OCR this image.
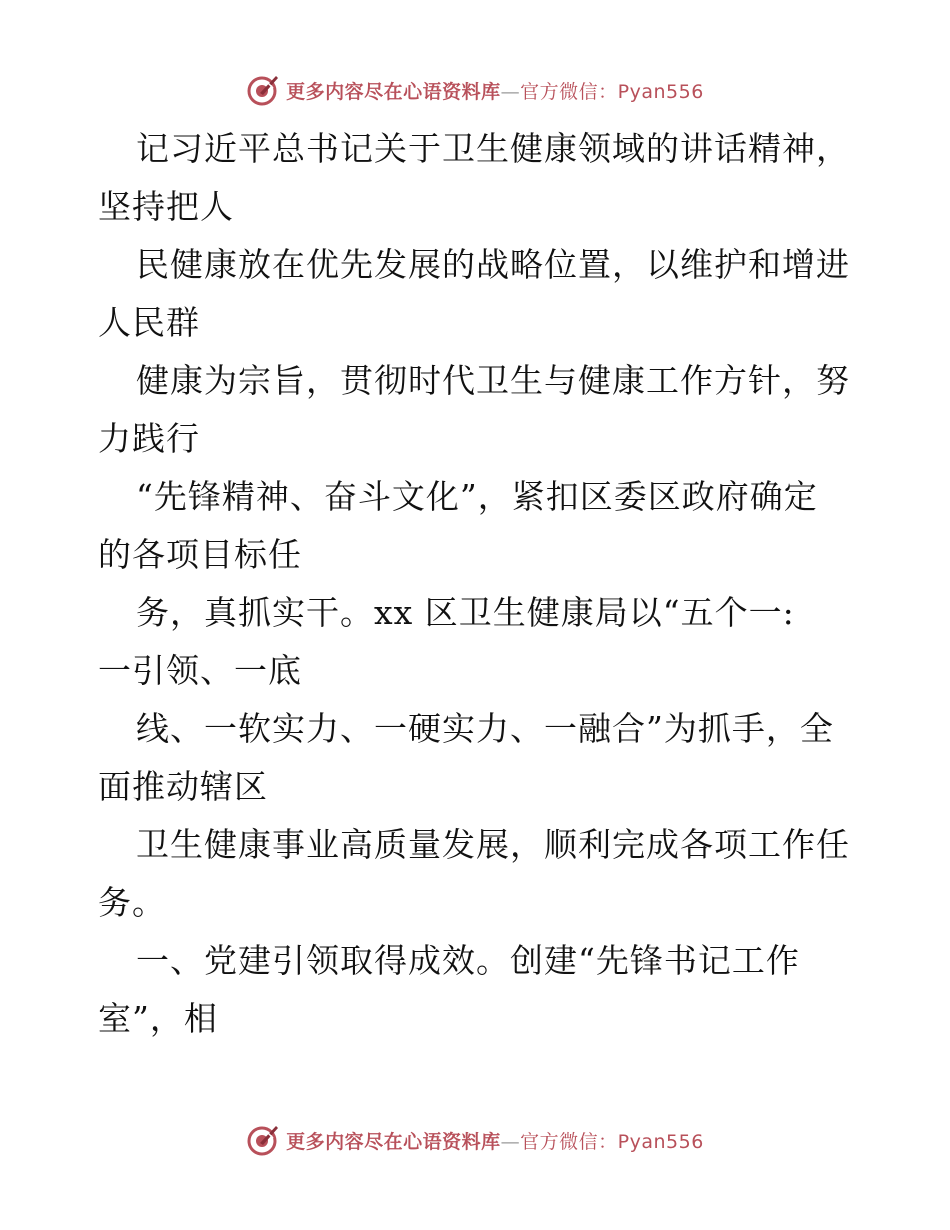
更多内容尽在心语资料库—官方微信：Pyan556
记习近平总书记关于卫生健康领域的讲话精神，
坚持把人
民健康放在优先发展的战略位置，以维护和增进
人民群
健康为宗旨，贯彻时代卫生与健康工作方针，努
力践行
“先锋精神、奋斗文化”，紧扣区委区政府确定
的各项目标任
务，真抓实干。xx 区卫生健康局以“五个一:
一引领、一底
线、一软实力、一硬实力、一融合”为抓手，全
面推动辖区
卫生健康事业高质量发展，顺利完成各项工作任
务。
一、党建引领取得成效。创建“先锋书记工作
室”，相
更多内容尽在心语资料库—官方微信：Pyan556
